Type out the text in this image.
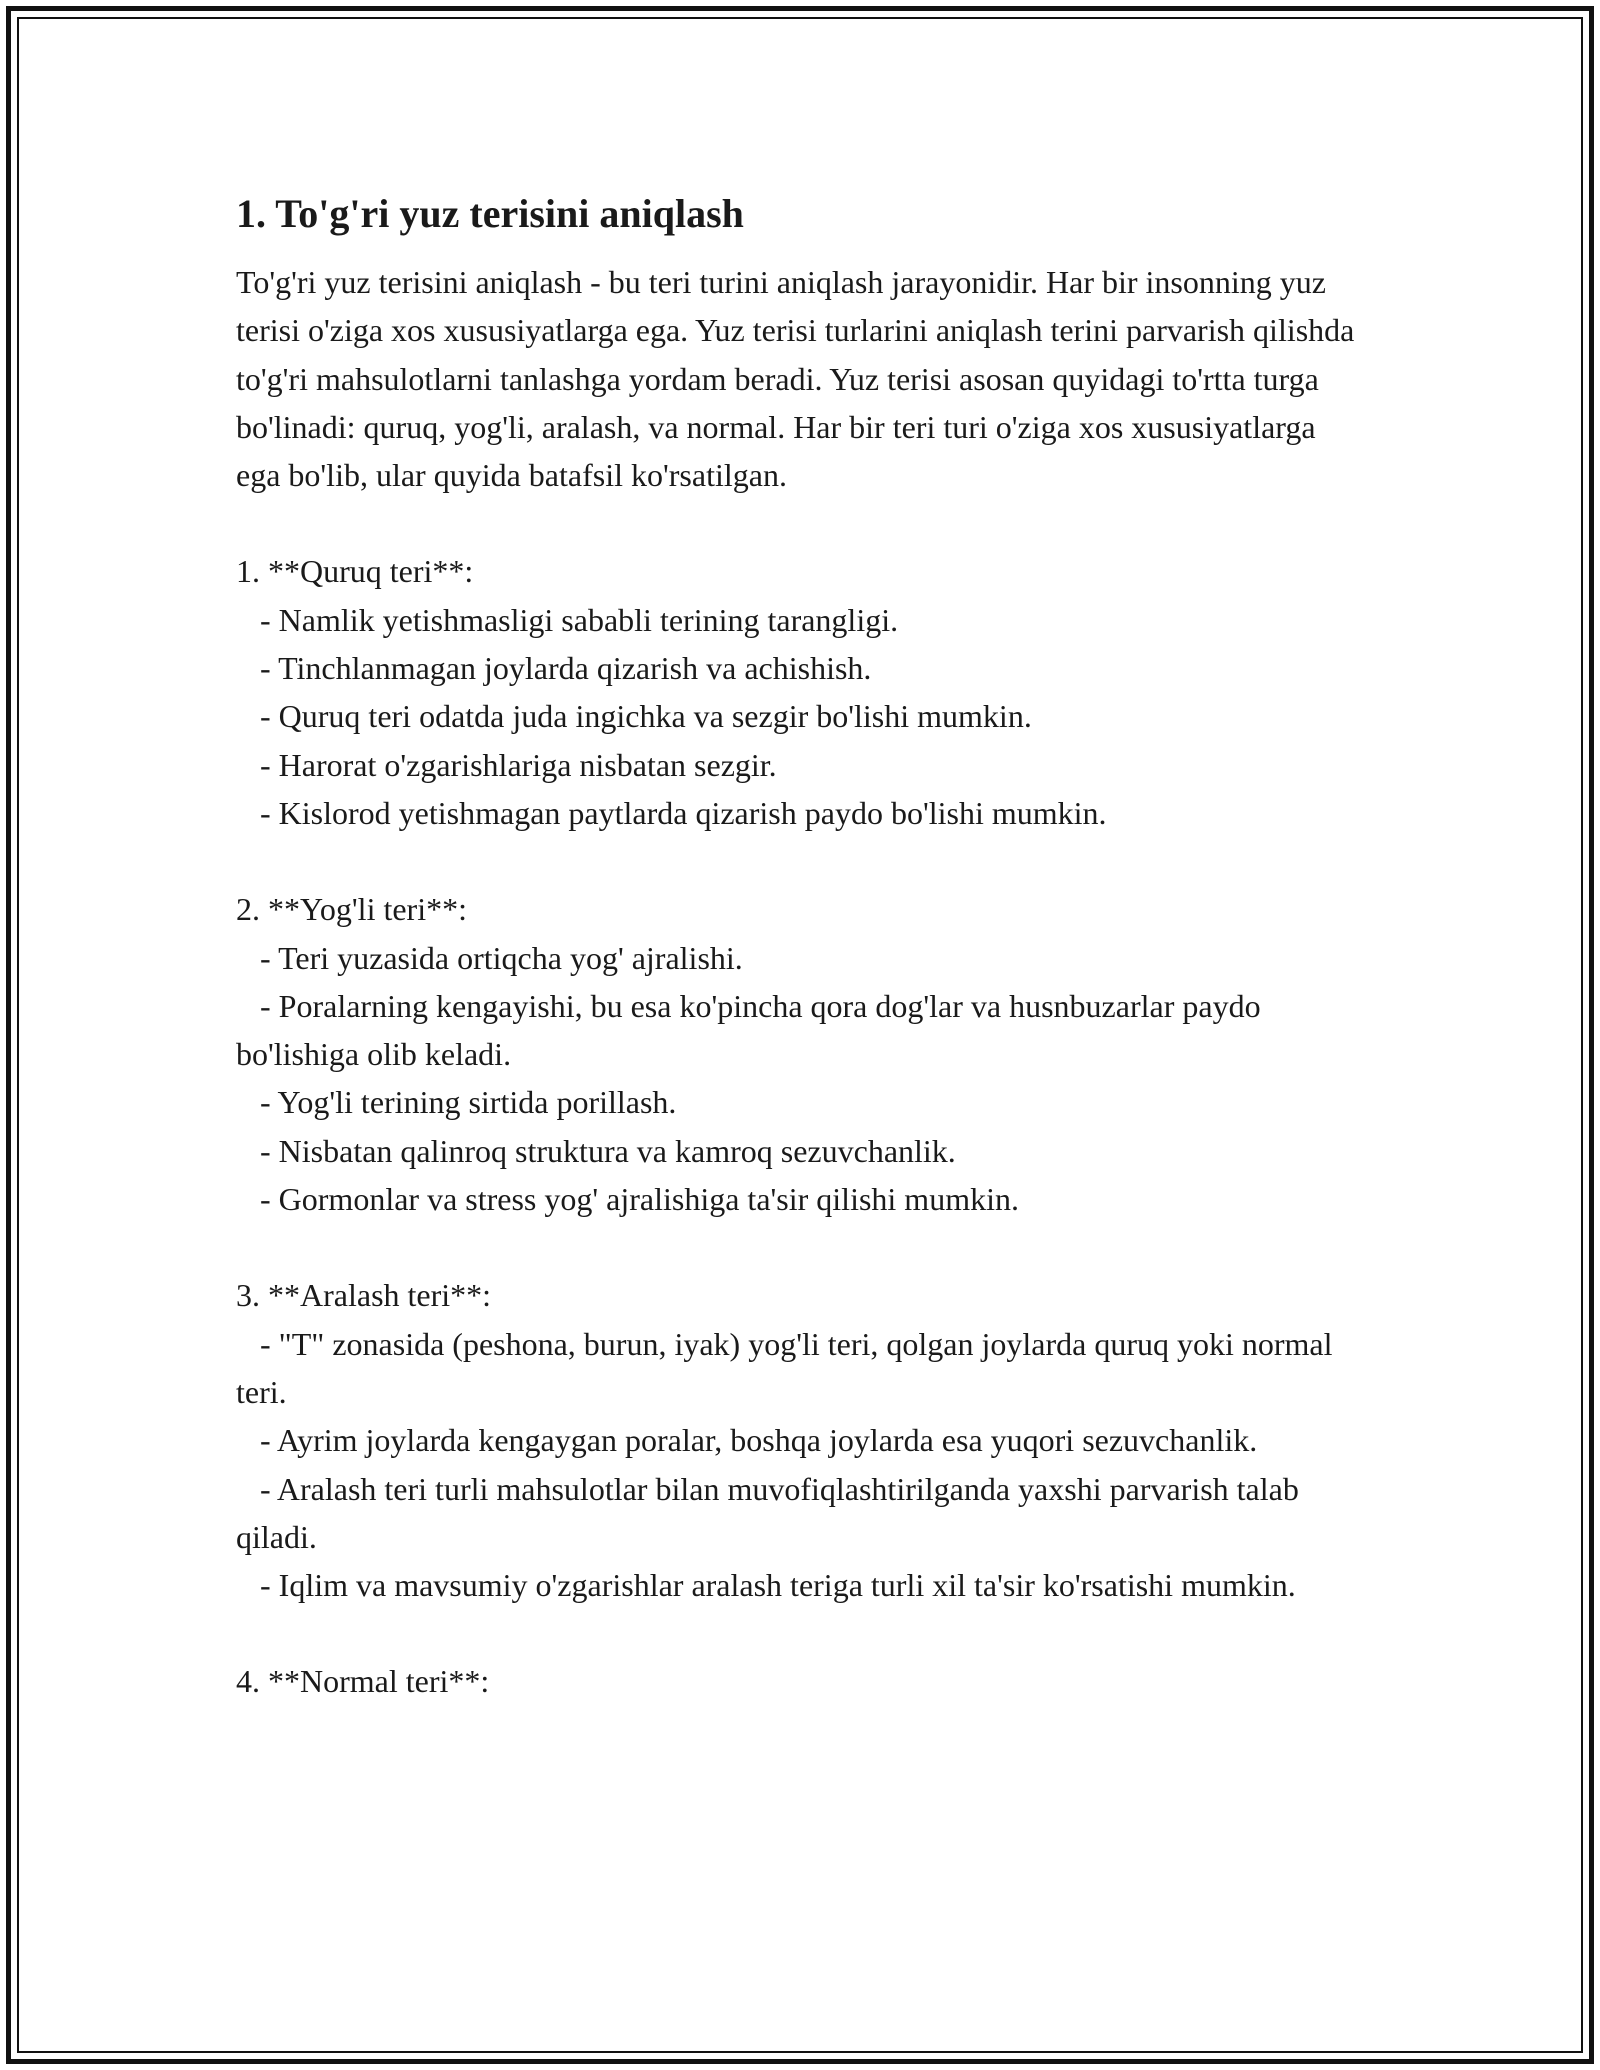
1. To'g'ri yuz terisini aniqlash

To'g'ri yuz terisini aniqlash - bu teri turini aniqlash jarayonidir. Har bir insonning yuz terisi o'ziga xos xususiyatlarga ega. Yuz terisi turlarini aniqlash terini parvarish qilishda to'g'ri mahsulotlarni tanlashga yordam beradi. Yuz terisi asosan quyidagi to'rtta turga bo'linadi: quruq, yog'li, aralash, va normal. Har bir teri turi o'ziga xos xususiyatlarga ega bo'lib, ular quyida batafsil ko'rsatilgan.

1. **Quruq teri**:
- Namlik yetishmasligi sababli terining tarangligi.
- Tinchlanmagan joylarda qizarish va achishish.
- Quruq teri odatda juda ingichka va sezgir bo'lishi mumkin.
- Harorat o'zgarishlariga nisbatan sezgir.
- Kislorod yetishmagan paytlarda qizarish paydo bo'lishi mumkin.
2. **Yog'li teri**:
- Teri yuzasida ortiqcha yog' ajralishi.
- Poralarning kengayishi, bu esa ko'pincha qora dog'lar va husnbuzarlar paydo bo'lishiga olib keladi.
- Yog'li terining sirtida porillash.
- Nisbatan qalinroq struktura va kamroq sezuvchanlik.
- Gormonlar va stress yog' ajralishiga ta'sir qilishi mumkin.
3. **Aralash teri**:
- "T" zonasida (peshona, burun, iyak) yog'li teri, qolgan joylarda quruq yoki normal teri.
- Ayrim joylarda kengaygan poralar, boshqa joylarda esa yuqori sezuvchanlik.
- Aralash teri turli mahsulotlar bilan muvofiqlashtirilganda yaxshi parvarish talab qiladi.
- Iqlim va mavsumiy o'zgarishlar aralash teriga turli xil ta'sir ko'rsatishi mumkin.
4. **Normal teri**:
